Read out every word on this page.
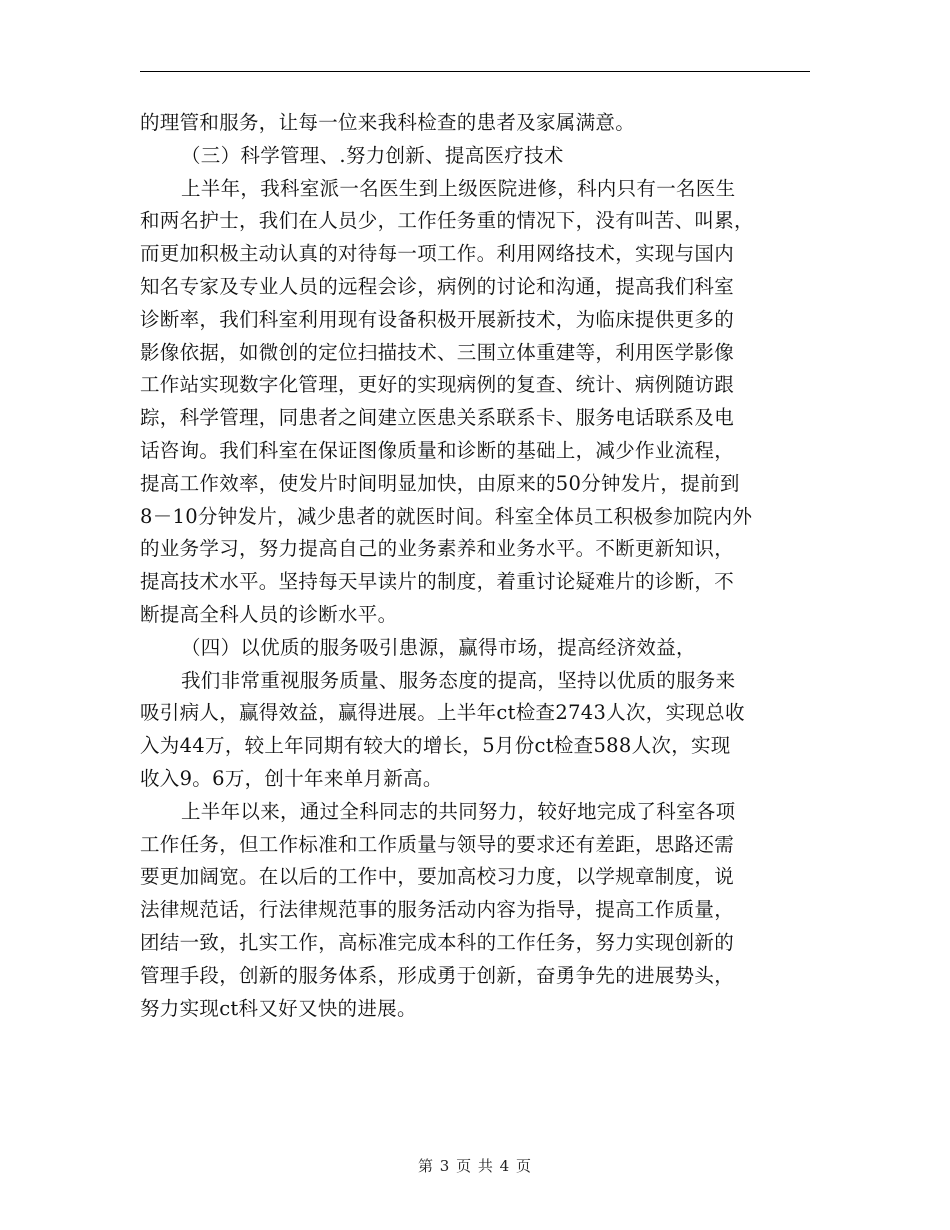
的理管和服务，让每一位来我科检查的患者及家属满意。
（三）科学管理、.努力创新、提高医疗技术
上半年，我科室派一名医生到上级医院进修，科内只有一名医生
和两名护士，我们在人员少，工作任务重的情况下，没有叫苦、叫累，
而更加积极主动认真的对待每一项工作。利用网络技术，实现与国内
知名专家及专业人员的远程会诊，病例的讨论和沟通，提高我们科室
诊断率，我们科室利用现有设备积极开展新技术，为临床提供更多的
影像依据，如微创的定位扫描技术、三围立体重建等，利用医学影像
工作站实现数字化管理，更好的实现病例的复查、统计、病例随访跟
踪，科学管理，同患者之间建立医患关系联系卡、服务电话联系及电
话咨询。我们科室在保证图像质量和诊断的基础上，减少作业流程，
提高工作效率，使发片时间明显加快，由原来的50分钟发片，提前到
8－10分钟发片，减少患者的就医时间。科室全体员工积极参加院内外
的业务学习，努力提高自己的业务素养和业务水平。不断更新知识，
提高技术水平。坚持每天早读片的制度，着重讨论疑难片的诊断，不
断提高全科人员的诊断水平。
（四）以优质的服务吸引患源，赢得市场，提高经济效益，
我们非常重视服务质量、服务态度的提高，坚持以优质的服务来
吸引病人，赢得效益，赢得进展。上半年ct检查2743人次，实现总收
入为44万，较上年同期有较大的增长，5月份ct检查588人次，实现
收入9。6万，创十年来单月新高。
上半年以来，通过全科同志的共同努力，较好地完成了科室各项
工作任务，但工作标准和工作质量与领导的要求还有差距，思路还需
要更加阔宽。在以后的工作中，要加高校习力度，以学规章制度，说
法律规范话，行法律规范事的服务活动内容为指导，提高工作质量，
团结一致，扎实工作，高标准完成本科的工作任务，努力实现创新的
管理手段，创新的服务体系，形成勇于创新，奋勇争先的进展势头，
努力实现ct科又好又快的进展。
第 3 页 共 4 页
